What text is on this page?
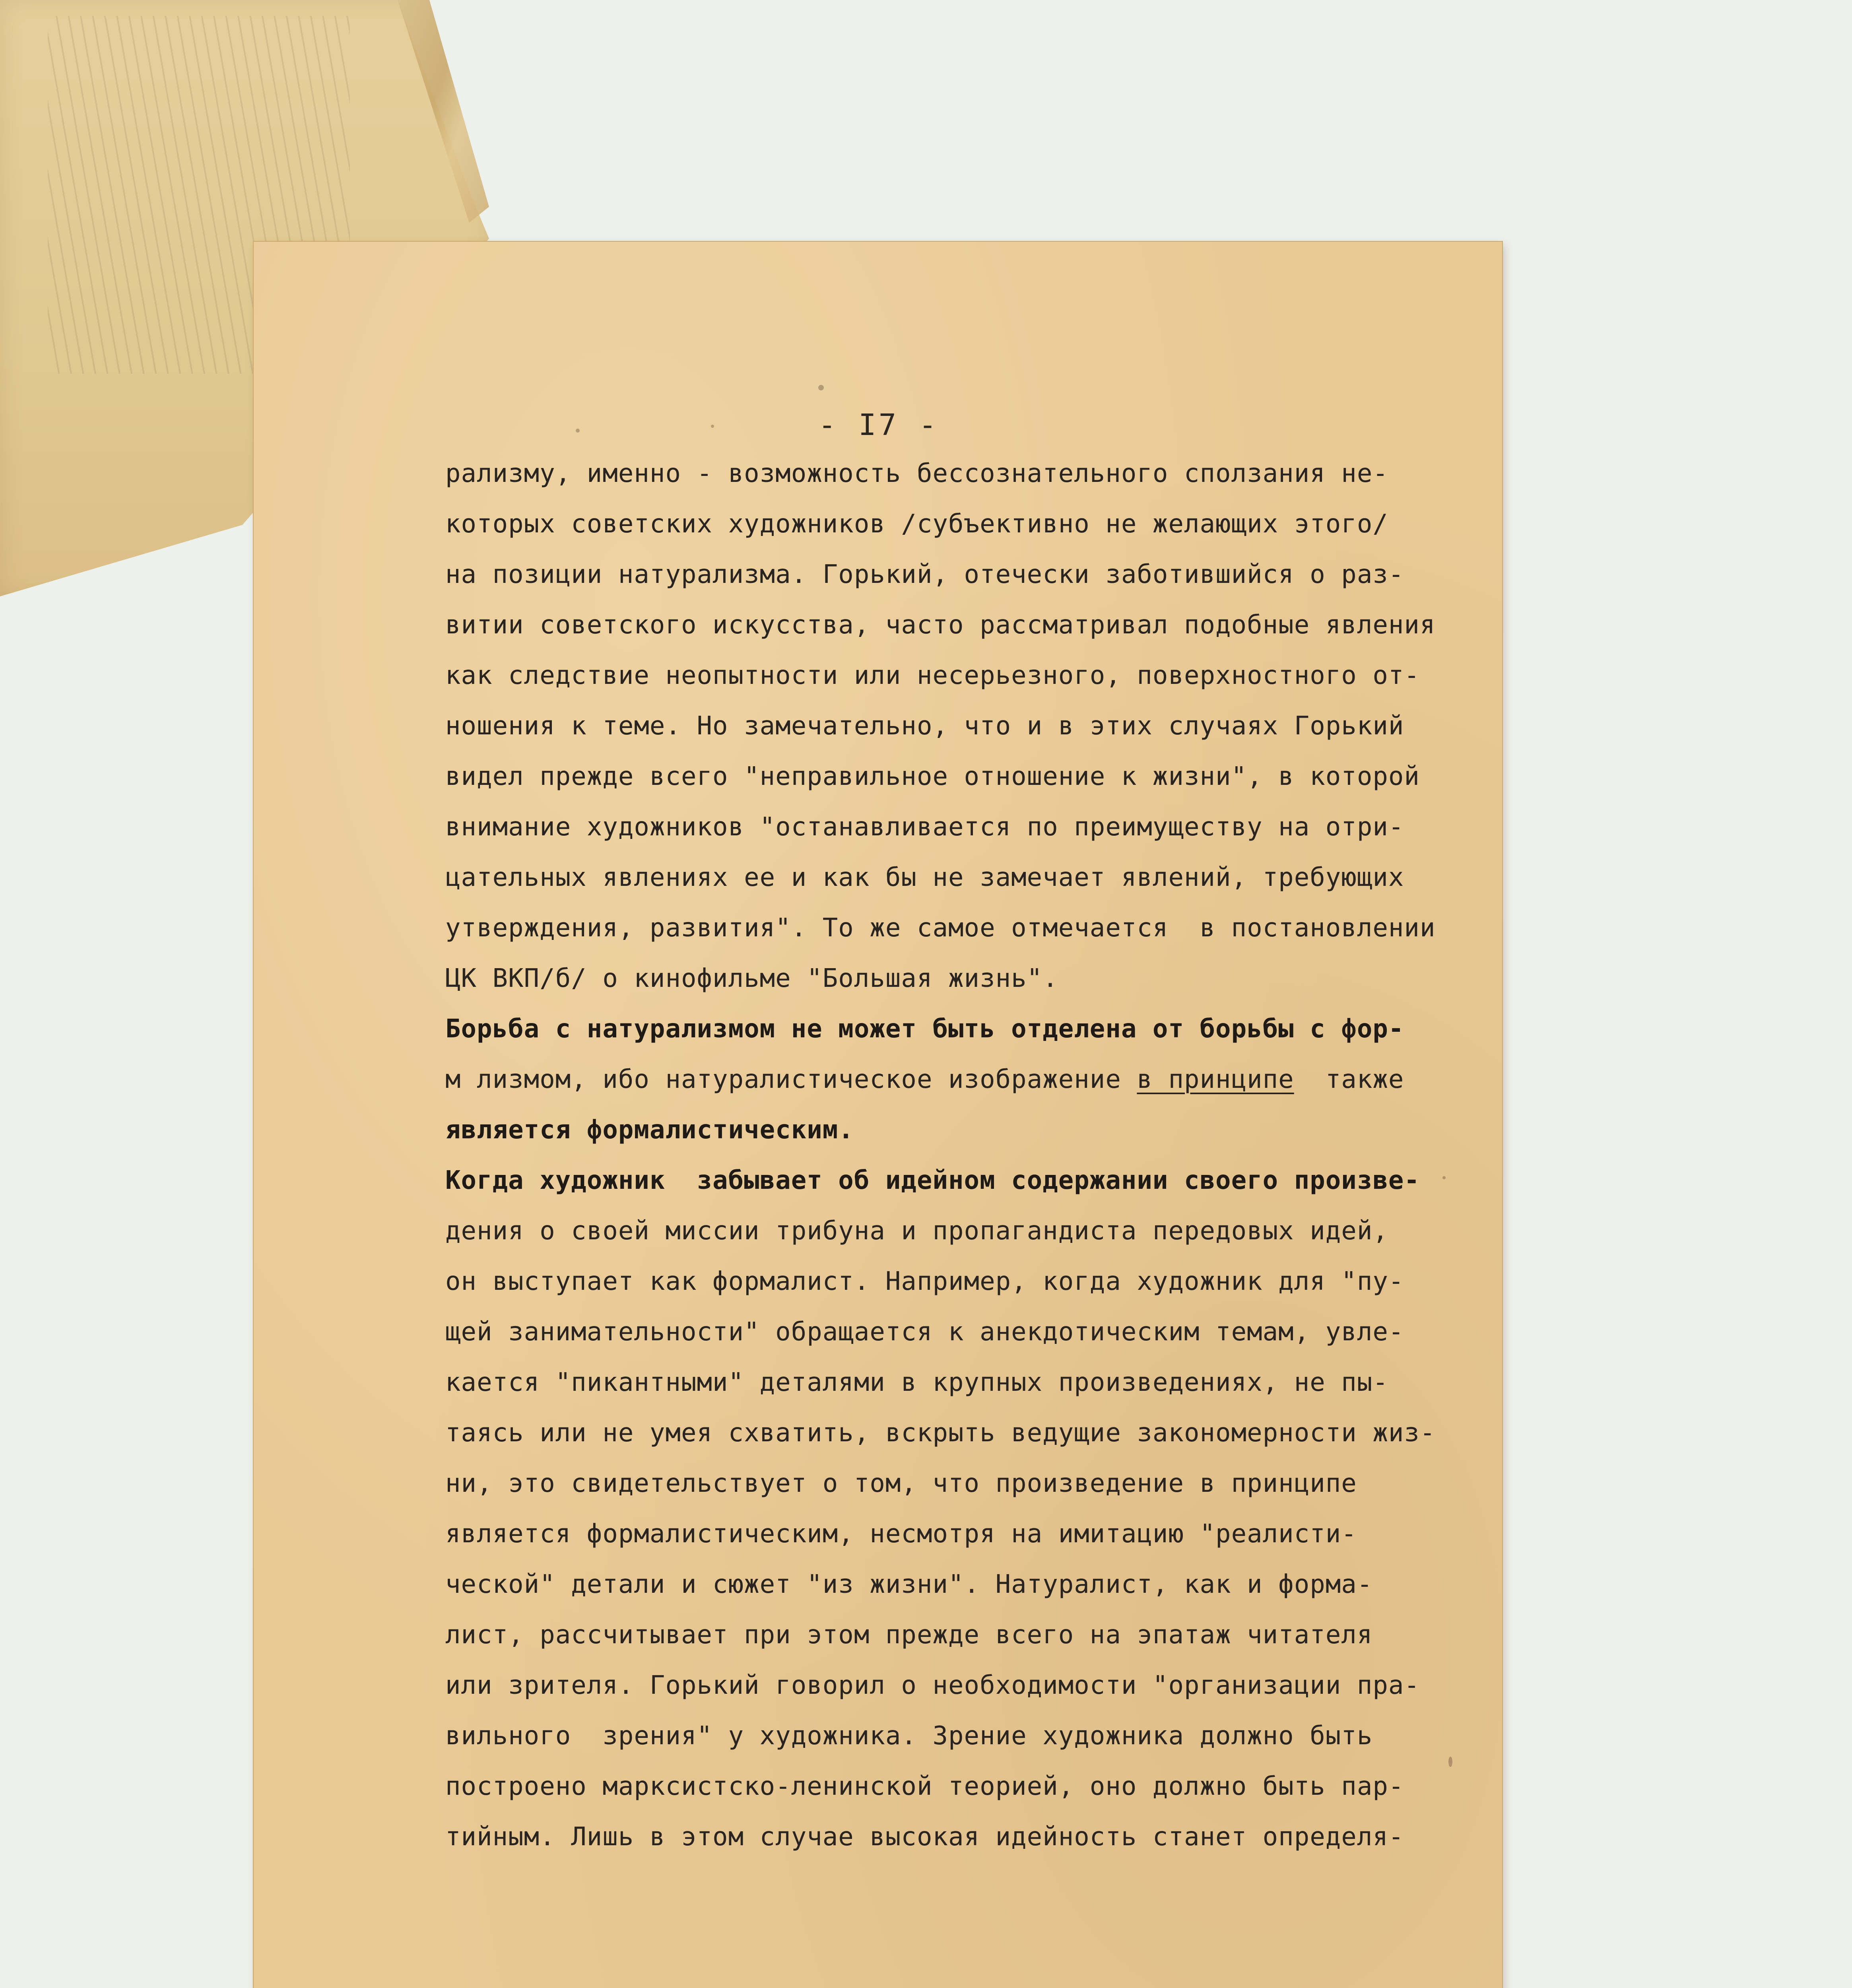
- I7 -
рализму, именно - возможность бессознательного сползания не-
которых советских художников /субъективно не желающих этого/
на позиции натурализма. Горький, отечески заботившийся о раз-
витии советского искусства, часто рассматривал подобные явления
как следствие неопытности или несерьезного, поверхностного от-
ношения к теме. Но замечательно, что и в этих случаях Горький
видел прежде всего "неправильное отношение к жизни", в которой
внимание художников "останавливается по преимуществу на отри-
цательных явлениях ее и как бы не замечает явлений, требующих
утверждения, развития". То же самое отмечается  в постановлении
ЦК ВКП/б/ о кинофильме "Большая жизнь".
Борьба с натурализмом не может быть отделена от борьбы с фор-
м лизмом, ибо натуралистическое изображение в принципе  также
является формалистическим.
Когда художник  забывает об идейном содержании своего произве-
дения о своей миссии трибуна и пропагандиста передовых идей,
он выступает как формалист. Например, когда художник для "пу-
щей занимательности" обращается к анекдотическим темам, увле-
кается "пикантными" деталями в крупных произведениях, не пы-
таясь или не умея схватить, вскрыть ведущие закономерности жиз-
ни, это свидетельствует о том, что произведение в принципе
является формалистическим, несмотря на имитацию "реалисти-
ческой" детали и сюжет "из жизни". Натуралист, как и форма-
лист, рассчитывает при этом прежде всего на эпатаж читателя
или зрителя. Горький говорил о необходимости "организации пра-
вильного  зрения" у художника. Зрение художника должно быть
построено марксистско-ленинской теорией, оно должно быть пар-
тийным. Лишь в этом случае высокая идейность станет определя-
